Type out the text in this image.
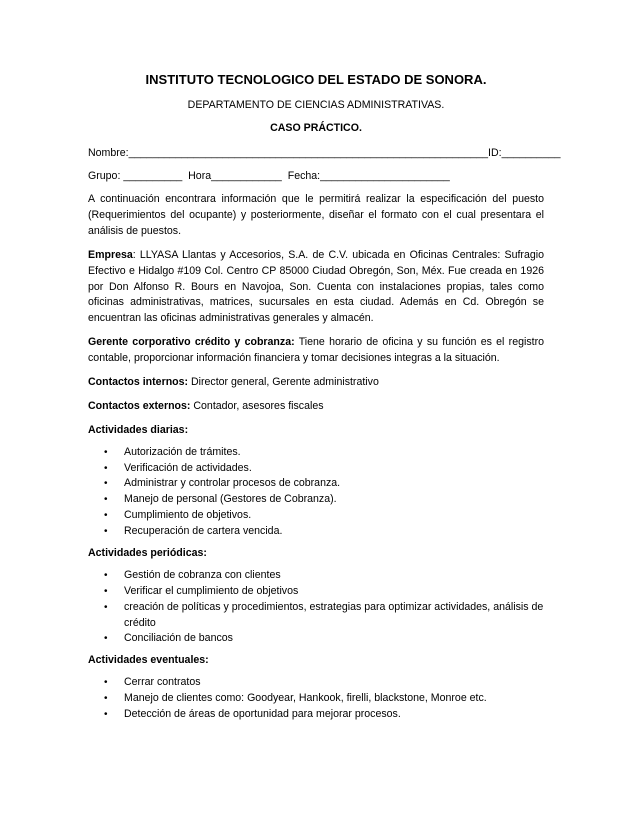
INSTITUTO TECNOLOGICO DEL ESTADO DE SONORA.
DEPARTAMENTO DE CIENCIAS ADMINISTRATIVAS.
CASO PRÁCTICO.
Nombre:_____________________________________________________________ID:__________
Grupo: __________ Hora____________ Fecha:______________________

A continuación encontrara información que le permitirá realizar la especificación del puesto (Requerimientos del ocupante) y posteriormente, diseñar el formato con el cual presentara el análisis de puestos.

Empresa: LLYASA Llantas y Accesorios, S.A. de C.V. ubicada en Oficinas Centrales: Sufragio Efectivo e Hidalgo #109 Col. Centro CP 85000 Ciudad Obregón, Son, Méx. Fue creada en 1926 por Don Alfonso R. Bours en Navojoa, Son. Cuenta con instalaciones propias, tales como oficinas administrativas, matrices, sucursales en esta ciudad. Además en Cd. Obregón se encuentran las oficinas administrativas generales y almacén.

Gerente corporativo crédito y cobranza: Tiene horario de oficina y su función es el registro contable, proporcionar información financiera y tomar decisiones integras a la situación.

Contactos internos: Director general, Gerente administrativo

Contactos externos: Contador, asesores fiscales

Actividades diarias:
• Autorización de trámites.
• Verificación de actividades.
• Administrar y controlar procesos de cobranza.
• Manejo de personal (Gestores de Cobranza).
• Cumplimiento de objetivos.
• Recuperación de cartera vencida.
Actividades periódicas:
• Gestión de cobranza con clientes
• Verificar el cumplimiento de objetivos
• creación de políticas y procedimientos, estrategias para optimizar actividades, análisis de crédito
• Conciliación de bancos
Actividades eventuales:
• Cerrar contratos
• Manejo de clientes como: Goodyear, Hankook, firelli, blackstone, Monroe etc.
• Detección de áreas de oportunidad para mejorar procesos.
